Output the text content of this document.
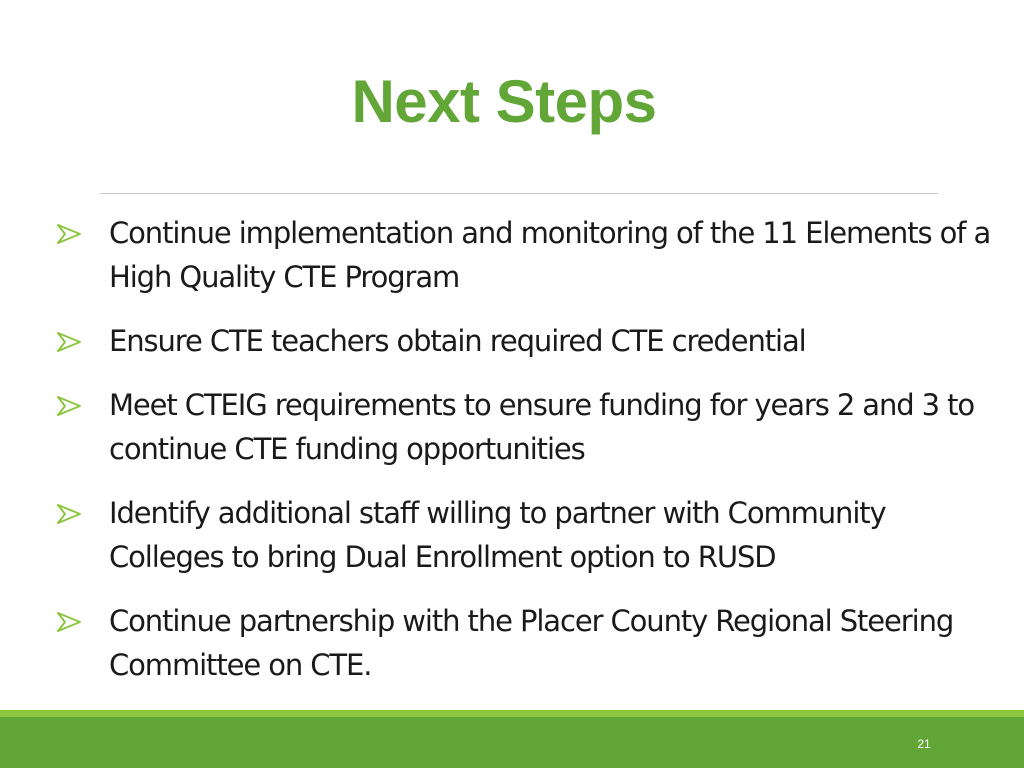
Next Steps
Continue implementation and monitoring of the 11 Elements of a High Quality CTE Program
Ensure CTE teachers obtain required CTE credential
Meet CTEIG requirements to ensure funding for years 2 and 3 to continue CTE funding opportunities
Identify additional staff willing to partner with Community Colleges to bring Dual Enrollment option to RUSD
Continue partnership with the Placer County Regional Steering Committee on CTE.
21
